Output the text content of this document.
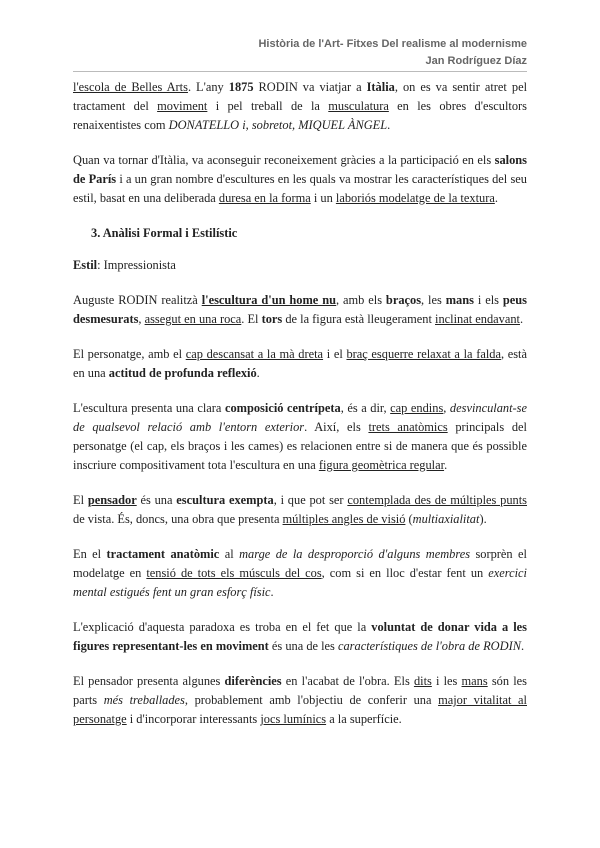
Història de l'Art- Fitxes Del realisme al modernisme
Jan Rodríguez Díaz

l'escola de Belles Arts. L'any 1875 RODIN va viatjar a Itàlia, on es va sentir atret pel tractament del moviment i pel treball de la musculatura en les obres d'escultors renaixentistes com DONATELLO i, sobretot, MIQUEL ÀNGEL.

Quan va tornar d'Itàlia, va aconseguir reconeixement gràcies a la participació en els salons de París i a un gran nombre d'escultures en les quals va mostrar les característiques del seu estil, basat en una deliberada duresa en la forma i un laboriós modelatge de la textura.

3. Anàlisi Formal i Estilístic

Estil: Impressionista

Auguste RODIN realitzà l'escultura d'un home nu, amb els braços, les mans i els peus desmesurats, assegut en una roca. El tors de la figura està lleugerament inclinat endavant.

El personatge, amb el cap descansat a la mà dreta i el braç esquerre relaxat a la falda, està en una actitud de profunda reflexió.

L'escultura presenta una clara composició centrípeta, és a dir, cap endins, desvinculant-se de qualsevol relació amb l'entorn exterior. Així, els trets anatòmics principals del personatge (el cap, els braços i les cames) es relacionen entre si de manera que és possible inscriure compositivament tota l'escultura en una figura geomètrica regular.

El pensador és una escultura exempta, i que pot ser contemplada des de múltiples punts de vista. És, doncs, una obra que presenta múltiples angles de visió (multiaxialitat).

En el tractament anatòmic al marge de la desproporció d'alguns membres sorprèn el modelatge en tensió de tots els músculs del cos, com si en lloc d'estar fent un exercici mental estigués fent un gran esforç físic.

L'explicació d'aquesta paradoxa es troba en el fet que la voluntat de donar vida a les figures representant-les en moviment és una de les característiques de l'obra de RODIN.

El pensador presenta algunes diferències en l'acabat de l'obra. Els dits i les mans són les parts més treballades, probablement amb l'objectiu de conferir una major vitalitat al personatge i d'incorporar interessants jocs lumínics a la superfície.
